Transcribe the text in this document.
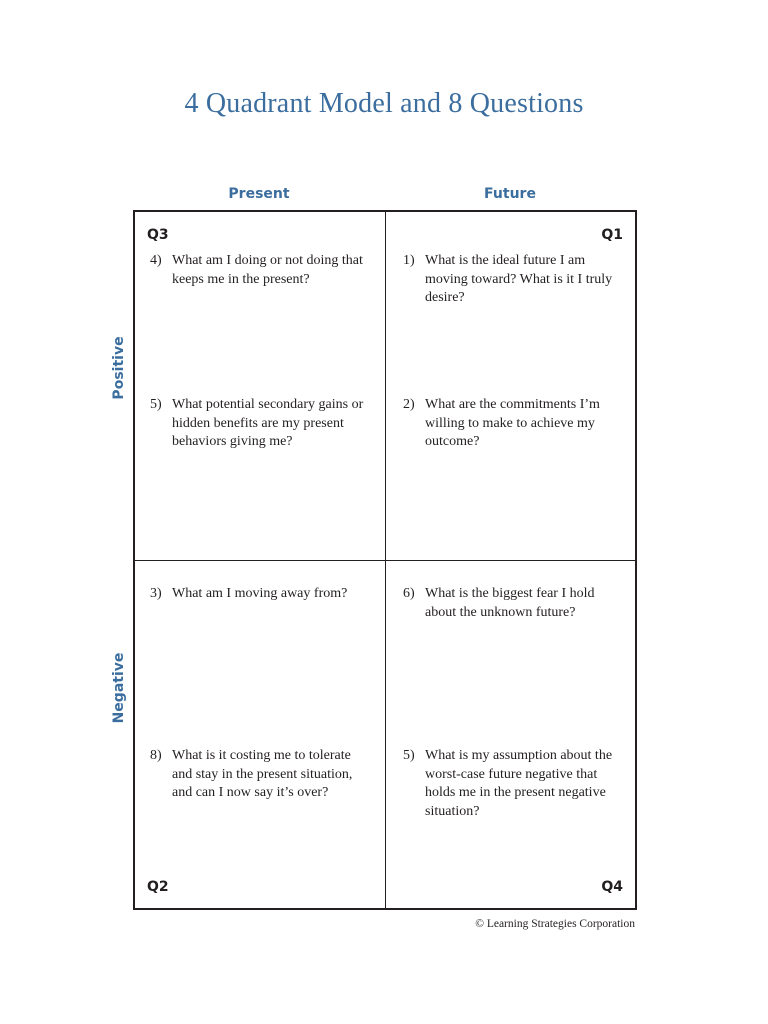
4 Quadrant Model and 8 Questions
Present	Future
Positive
Negative
Q3	Q1
Q2	Q4
4) What am I doing or not doing that keeps me in the present?
5) What potential secondary gains or hidden benefits are my present behaviors giving me?
1) What is the ideal future I am moving toward? What is it I truly desire?
2) What are the commitments I’m willing to make to achieve my outcome?
3) What am I moving away from?
8) What is it costing me to tolerate and stay in the present situation, and can I now say it’s over?
6) What is the biggest fear I hold about the unknown future?
5) What is my assumption about the worst-case future negative that holds me in the present negative situation?
© Learning Strategies Corporation
